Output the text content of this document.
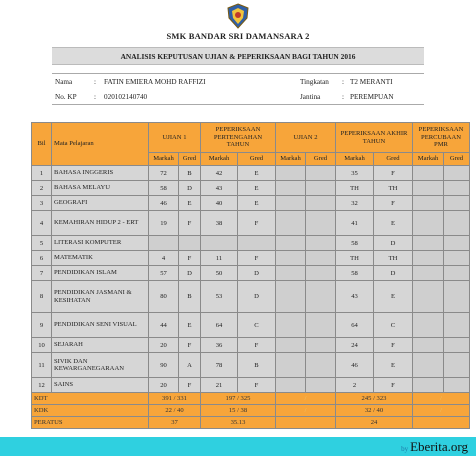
SMK BANDAR SRI DAMANSARA 2
ANALISIS KEPUTUSAN UJIAN & PEPERIKSAAN BAGI TAHUN 2016
Nama	: FATIN EMIERA MOHD RAFFIZI	Tingkatan : T2 MERANTI
No. KP : 020102140740	Jantina	: PEREMPUAN
Bil	Mata Pelajaran	UJIAN 1		PEPERIKSAAN PERTENGAHAN TAHUN		UJIAN 2		PEPERIKSAAN AKHIR TAHUN		PEPERIKSAAN PERCUBAAN PMR	
		Markah	Gred	Markah	Gred	Markah	Gred	Markah	Gred	Markah	Gred
1	BAHASA INGGERIS	72	B	42	E			35	F		
2	BAHASA MELAYU	58	D	43	E			TH	TH		
3	GEOGRAFI	46	E	40	E			32	F		
4	KEMAHIRAN HIDUP 2 - ERT	19	F	38	F			41	E		
5	LITERASI KOMPUTER							58	D		
6	MATEMATIK	4	F	11	F			TH	TH		
7	PENDIDIKAN ISLAM	57	D	50	D			58	D		
8	PENDIDIKAN JASMANI & KESIHATAN	80	B	53	D			43	E		
9	PENDIDIKAN SENI VISUAL	44	E	64	C			64	C		
10	SEJARAH	20	F	36	F			24	F		
11	SIVIK DAN KEWARGANEGARAAN	90	A	78	B			46	E		
12	SAINS	20	F	21	F			2	F		
KDT		391 / 331		197 / 325		/		245 / 323		/	
KDK		22 / 40		15 / 38		/		32 / 40		/	
PERATUS		37		35.13				24			
by Eberita.org
